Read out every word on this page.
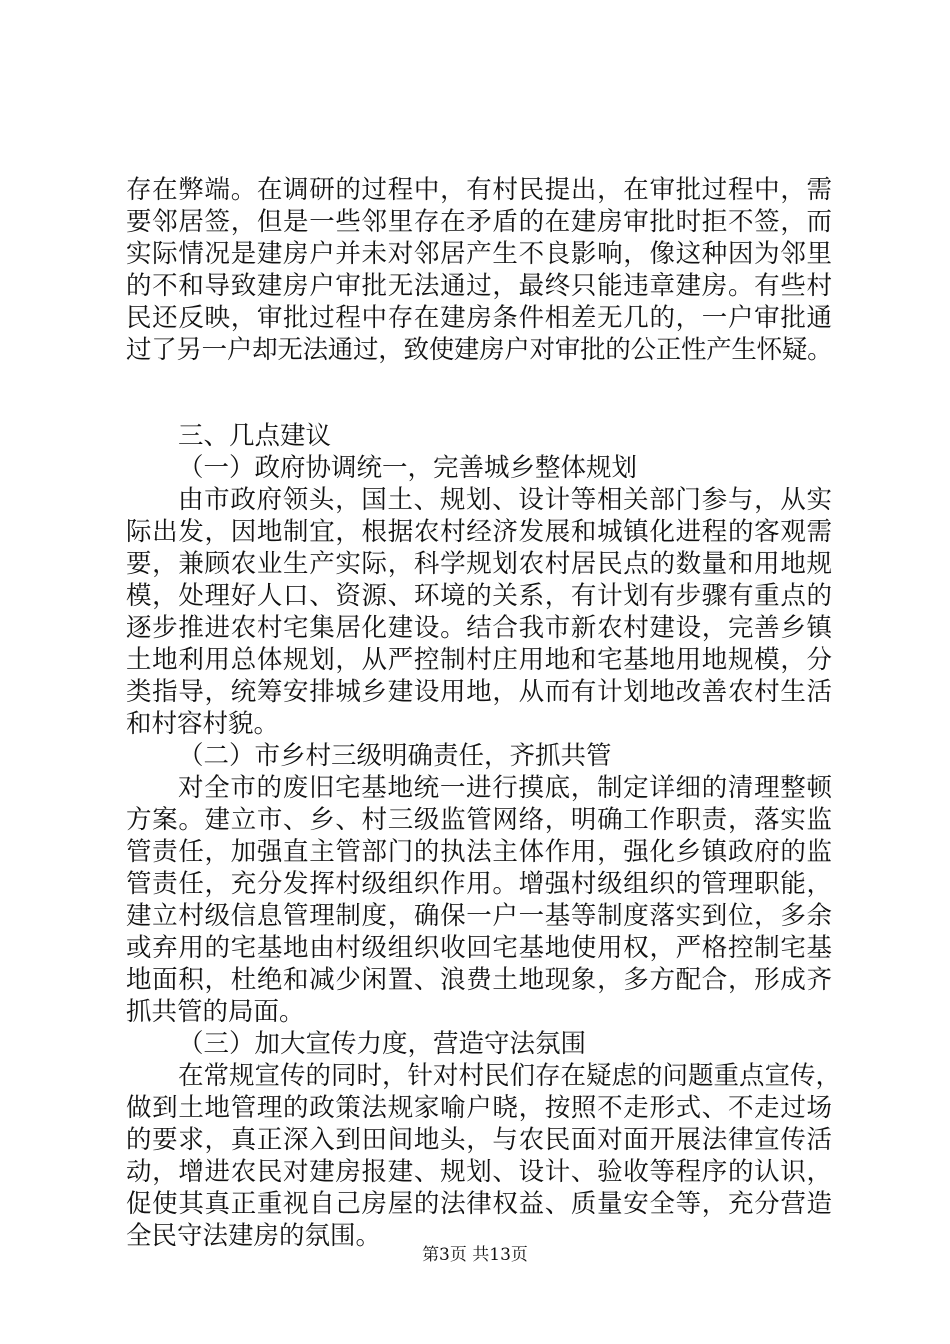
存在弊端。在调研的过程中，有村民提出，在审批过程中，需
要邻居签，但是一些邻里存在矛盾的在建房审批时拒不签，而
实际情况是建房户并未对邻居产生不良影响，像这种因为邻里
的不和导致建房户审批无法通过，最终只能违章建房。有些村
民还反映，审批过程中存在建房条件相差无几的，一户审批通
过了另一户却无法通过，致使建房户对审批的公正性产生怀疑。
三、几点建议
（一）政府协调统一，完善城乡整体规划
由市政府领头，国土、规划、设计等相关部门参与，从实
际出发，因地制宜，根据农村经济发展和城镇化进程的客观需
要，兼顾农业生产实际，科学规划农村居民点的数量和用地规
模，处理好人口、资源、环境的关系，有计划有步骤有重点的
逐步推进农村宅集居化建设。结合我市新农村建设，完善乡镇
土地利用总体规划，从严控制村庄用地和宅基地用地规模，分
类指导，统筹安排城乡建设用地，从而有计划地改善农村生活
和村容村貌。
（二）市乡村三级明确责任，齐抓共管
对全市的废旧宅基地统一进行摸底，制定详细的清理整顿
方案。建立市、乡、村三级监管网络，明确工作职责，落实监
管责任，加强直主管部门的执法主体作用，强化乡镇政府的监
管责任，充分发挥村级组织作用。增强村级组织的管理职能，
建立村级信息管理制度，确保一户一基等制度落实到位，多余
或弃用的宅基地由村级组织收回宅基地使用权，严格控制宅基
地面积，杜绝和减少闲置、浪费土地现象，多方配合，形成齐
抓共管的局面。
（三）加大宣传力度，营造守法氛围
在常规宣传的同时，针对村民们存在疑虑的问题重点宣传，
做到土地管理的政策法规家喻户晓，按照不走形式、不走过场
的要求，真正深入到田间地头，与农民面对面开展法律宣传活
动，增进农民对建房报建、规划、设计、验收等程序的认识，
促使其真正重视自己房屋的法律权益、质量安全等，充分营造
全民守法建房的氛围。
第3页 共13页
